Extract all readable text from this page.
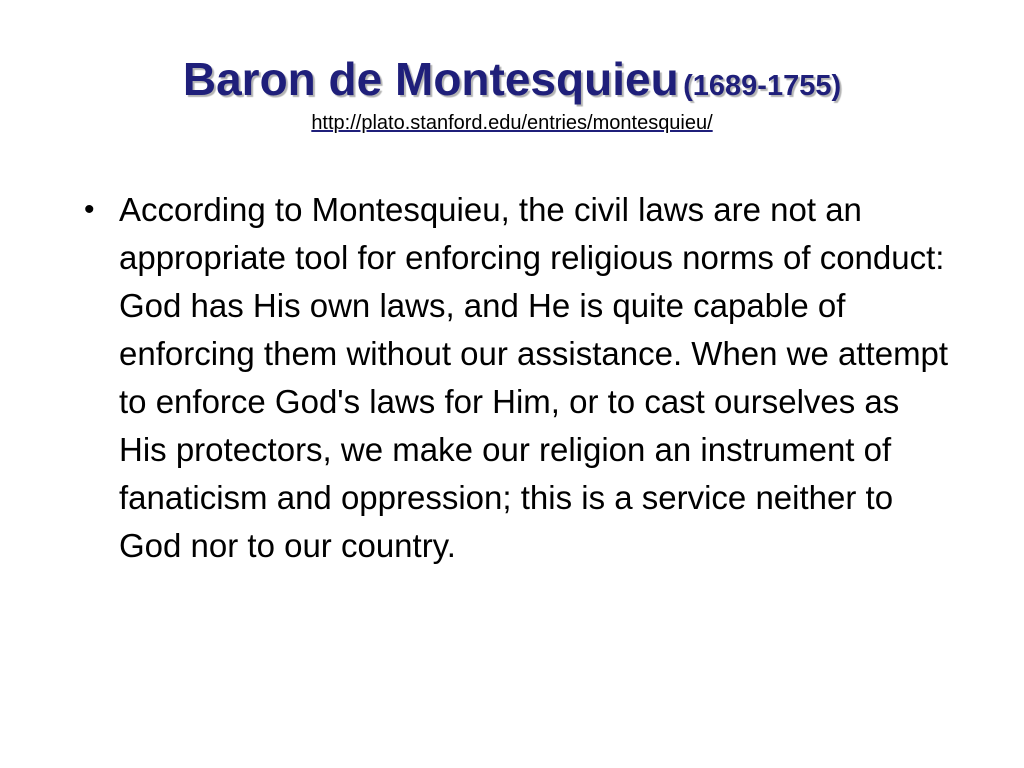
Baron de Montesquieu (1689-1755)

http://plato.stanford.edu/entries/montesquieu/
• According to Montesquieu, the civil laws are not an appropriate tool for enforcing religious norms of conduct: God has His own laws, and He is quite capable of enforcing them without our assistance. When we attempt to enforce God's laws for Him, or to cast ourselves as His protectors, we make our religion an instrument of fanaticism and oppression; this is a service neither to God nor to our country.
